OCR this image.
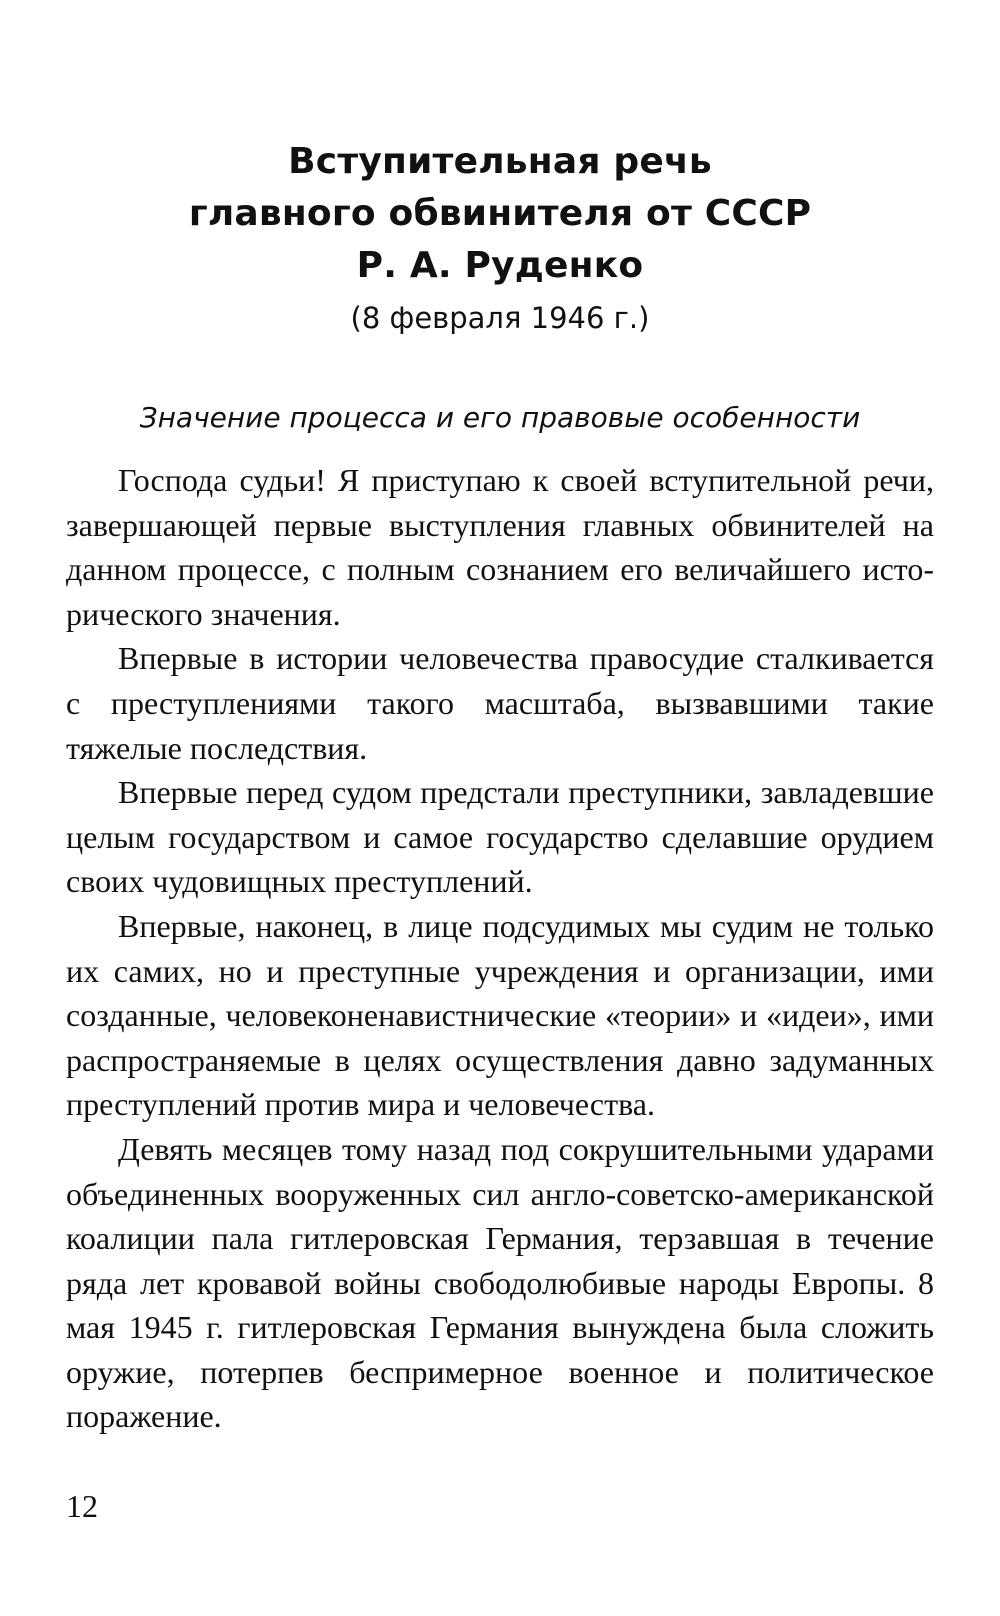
Вступительная речь
главного обвинителя от СССР
Р. А. Руденко
(8 февраля 1946 г.)
Значение процесса и его правовые особенности

Господа судьи! Я приступаю к своей вступительной речи, завершающей первые выступления главных обвинителей на данном процессе, с полным сознанием его величайшего исторического значения.

Впервые в истории человечества правосудие сталкивается с преступлениями такого масштаба, вызвавшими такие тяжелые последствия.

Впервые перед судом предстали преступники, завладевшие целым государством и самое государство сделавшие орудием своих чудовищных преступлений.

Впервые, наконец, в лице подсудимых мы судим не только их самих, но и преступные учреждения и организации, ими созданные, человеконенавистнические «теории» и «идеи», ими распространяемые в целях осуществления давно задуманных преступлений против мира и человечества.

Девять месяцев тому назад под сокрушительными ударами объединенных вооруженных сил англо-советско-американской коалиции пала гитлеровская Германия, терзавшая в течение ряда лет кровавой войны свободолюбивые народы Европы. 8 мая 1945 г. гитлеровская Германия вынуждена была сложить оружие, потерпев беспримерное военное и политическое поражение.

12
